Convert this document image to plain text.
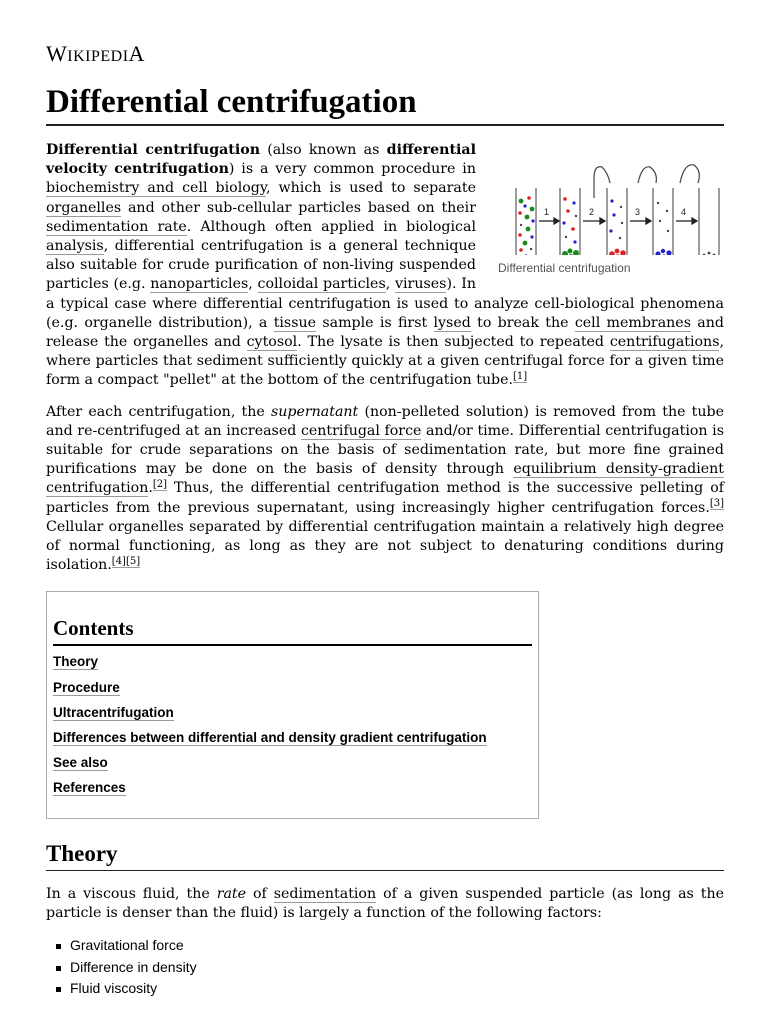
WIKIPEDIA
Differential centrifugation
1	2	3	4
Differential centrifugation

Differential centrifugation (also known as differential velocity centrifugation) is a very common procedure in biochemistry and cell biology, which is used to separate organelles and other sub-cellular particles based on their sedimentation rate. Although often applied in biological analysis, differential centrifugation is a general technique also suitable for crude purification of non-living suspended particles (e.g. nanoparticles, colloidal particles, viruses). In a typical case where differential centrifugation is used to analyze cell-biological phenomena (e.g. organelle distribution), a tissue sample is first lysed to break the cell membranes and release the organelles and cytosol. The lysate is then subjected to repeated centrifugations, where particles that sediment sufficiently quickly at a given centrifugal force for a given time form a compact "pellet" at the bottom of the centrifugation tube.[1]

After each centrifugation, the supernatant (non-pelleted solution) is removed from the tube and re-centrifuged at an increased centrifugal force and/or time. Differential centrifugation is suitable for crude separations on the basis of sedimentation rate, but more fine grained purifications may be done on the basis of density through equilibrium density-gradient centrifugation.[2] Thus, the differential centrifugation method is the successive pelleting of particles from the previous supernatant, using increasingly higher centrifugation forces.[3] Cellular organelles separated by differential centrifugation maintain a relatively high degree of normal functioning, as long as they are not subject to denaturing conditions during isolation.[4][5]

Contents
Theory
Procedure
Ultracentrifugation
Differences between differential and density gradient centrifugation
See also
References
Theory

In a viscous fluid, the rate of sedimentation of a given suspended particle (as long as the particle is denser than the fluid) is largely a function of the following factors:

Gravitational force
Difference in density
Fluid viscosity
